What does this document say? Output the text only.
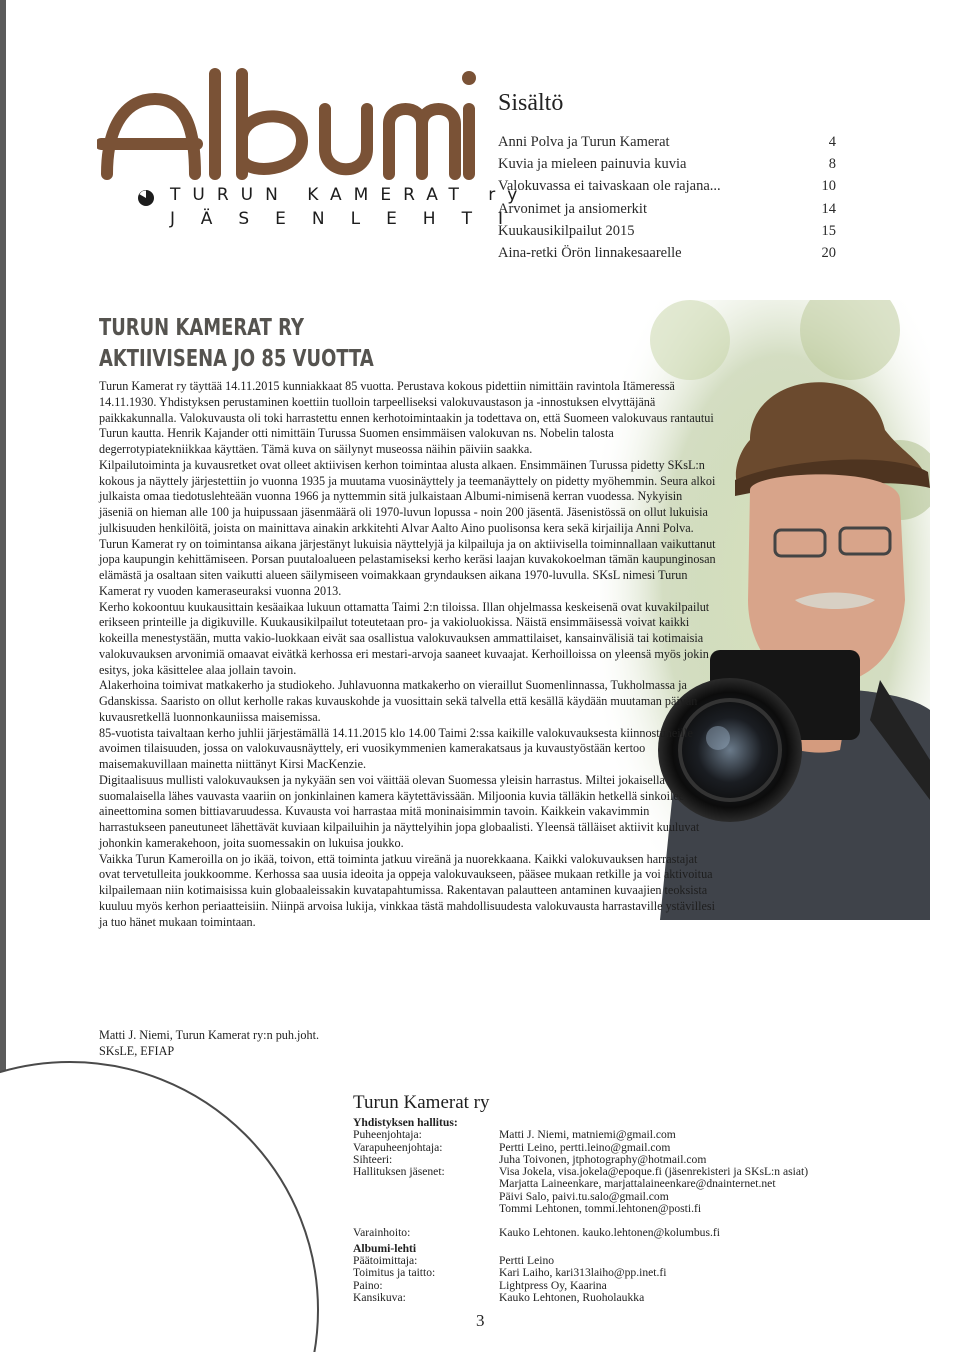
TURUN KAMERAT ry
JÄSENLEHTI
Sisältö
Anni Polva ja Turun Kamerat	4
Kuvia ja mieleen painuvia kuvia	8
Valokuvassa ei taivaskaan ole rajana...	10
Arvonimet ja ansiomerkit	14
Kuukausikilpailut 2015	15
Aina-retki Örön linnakesaarelle	20
TURUN KAMERAT RY
AKTIIVISENA JO 85 VUOTTA

Turun Kamerat ry täyttää 14.11.2015 kunniakkaat 85 vuotta. Perustava kokous pidettiin nimittäin ravintola Itämeressä 14.11.1930. Yhdistyksen perustaminen koettiin tuolloin tarpeelliseksi valokuvaustason ja -innostuksen elvyttäjänä paikkakunnalla. Valokuvausta oli toki harrastettu ennen kerhotoimintaakin ja todettava on, että Suomeen valokuvaus rantautui Turun kautta. Henrik Kajander otti nimittäin Turussa Suomen ensimmäisen valokuvan ns. Nobelin talosta degerrotypiatekniikkaa käyttäen. Tämä kuva on säilynyt museossa näihin päiviin saakka.

Kilpailutoiminta ja kuvausretket ovat olleet aktiivisen kerhon toimintaa alusta alkaen. Ensimmäinen Turussa pidetty SKsL:n kokous ja näyttely järjestettiin jo vuonna 1935 ja muutama vuosinäyttely ja teemanäyttely on pidetty myöhemmin. Seura alkoi julkaista omaa tiedotuslehteään vuonna 1966 ja nyttemmin sitä julkaistaan Albumi-nimisenä kerran vuodessa. Nykyisin jäseniä on hieman alle 100 ja huipussaan jäsenmäärä oli 1970-luvun lopussa - noin 200 jäsentä. Jäsenistössä on ollut lukuisia julkisuuden henkilöitä, joista on mainittava ainakin arkkitehti Alvar Aalto Aino puolisonsa kera sekä kirjailija Anni Polva.

Turun Kamerat ry on toimintansa aikana järjestänyt lukuisia näyttelyjä ja kilpailuja ja on aktiivisella toiminnallaan vaikuttanut jopa kaupungin kehittämiseen. Porsan puutaloalueen pelastamiseksi kerho keräsi laajan kuvakokoelman tämän kaupunginosan elämästä ja osaltaan siten vaikutti alueen säilymiseen voimakkaan gryndauksen aikana 1970-luvulla. SKsL nimesi Turun Kamerat ry vuoden kameraseuraksi vuonna 2013.

Kerho kokoontuu kuukausittain kesäaikaa lukuun ottamatta Taimi 2:n tiloissa. Illan ohjelmassa keskeisenä ovat kuvakilpailut erikseen printeille ja digikuville. Kuukausikilpailut toteutetaan pro- ja vakioluokissa. Näistä ensimmäisessä voivat kaikki kokeilla menestystään, mutta vakio-luokkaan eivät saa osallistua valokuvauksen ammattilaiset, kansainvälisiä tai kotimaisia valokuvauksen arvonimiä omaavat eivätkä kerhossa eri mestari-arvoja saaneet kuvaajat. Kerhoilloissa on yleensä myös jokin esitys, joka käsittelee alaa jollain tavoin.

Alakerhoina toimivat matkakerho ja studiokeho. Juhlavuonna matkakerho on vieraillut Suomenlinnassa, Tukholmassa ja Gdanskissa. Saaristo on ollut kerholle rakas kuvauskohde ja vuosittain sekä talvella että kesällä käydään muutaman päivän kuvausretkellä luonnonkauniissa maisemissa.

85-vuotista taivaltaan kerho juhlii järjestämällä 14.11.2015 klo 14.00 Taimi 2:ssa kaikille valokuvauksesta kiinnostuneille avoimen tilaisuuden, jossa on valokuvausnäyttely, eri vuosikymmenien kamerakatsaus ja kuvaustyöstään kertoo maisemakuvillaan mainetta niittänyt Kirsi MacKenzie.

Digitaalisuus mullisti valokuvauksen ja nykyään sen voi väittää olevan Suomessa yleisin harrastus. Miltei jokaisella suomalaisella lähes vauvasta vaariin on jonkinlainen kamera käytettävissään. Miljoonia kuvia tälläkin hetkellä sinkoilee aineettomina somen bittiavaruudessa. Kuvausta voi harrastaa mitä moninaisimmin tavoin. Kaikkein vakavimmin harrastukseen paneutuneet lähettävät kuviaan kilpailuihin ja näyttelyihin jopa globaalisti. Yleensä tälläiset aktiivit kuuluvat johonkin kamerakehoon, joita suomessakin on lukuisa joukko.

Vaikka Turun Kameroilla on jo ikää, toivon, että toiminta jatkuu vireänä ja nuorekkaana. Kaikki valokuvauksen harrastajat ovat tervetulleita joukkoomme. Kerhossa saa uusia ideoita ja oppeja valokuvaukseen, pääsee mukaan retkille ja voi aktivoitua kilpailemaan niin kotimaisissa kuin globaaleissakin kuvatapahtumissa. Rakentavan palautteen antaminen kuvaajien teoksista kuuluu myös kerhon periaatteisiin. Niinpä arvoisa lukija, vinkkaa tästä mahdollisuudesta valokuvausta harrastaville ystävillesi ja tuo hänet mukaan toimintaan.

Matti J. Niemi, Turun Kamerat ry:n puh.joht.
SKsLE, EFIAP
Turun Kamerat ry
Yhdistyksen hallitus:
Puheenjohtaja:	Matti J. Niemi, matniemi@gmail.com
Varapuheenjohtaja:	Pertti Leino, pertti.leino@gmail.com
Sihteeri:	Juha Toivonen, jtphotography@hotmail.com
Hallituksen jäsenet:	Visa Jokela, visa.jokela@epoque.fi (jäsenrekisteri ja SKsL:n asiat)
Marjatta Laineenkare, marjattalaineenkare@dnainternet.net
Päivi Salo, paivi.tu.salo@gmail.com
Tommi Lehtonen, tommi.lehtonen@posti.fi
Varainhoito:	Kauko Lehtonen. kauko.lehtonen@kolumbus.fi
Albumi-lehti
Päätoimittaja:	Pertti Leino
Toimitus ja taitto:	Kari Laiho, kari313laiho@pp.inet.fi
Paino:	Lightpress Oy, Kaarina
Kansikuva:	Kauko Lehtonen, Ruoholaukka
3
